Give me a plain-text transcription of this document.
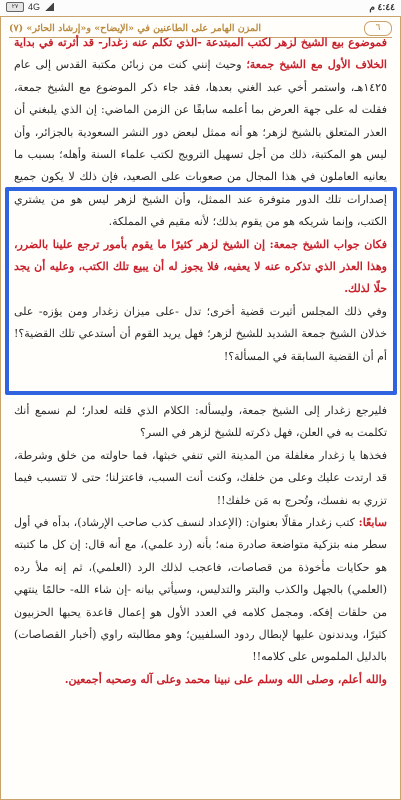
٢٧	4G	٤:٤٤ م
٦
المزن الهامر على الطاعنين في «الإيضاح» و«إرشاد الحائر» (٧)

فموضوع بيع الشيخ لزهر لكتب المبتدعة -الذي تكلم عنه زغدار- قد أثرته في بداية الخلاف الأول مع الشيخ جمعة؛ وحيث إنني كنت من زبائن مكتبة القدس إلى عام ١٤٢٥هـ، واستمر أخي عبد الغني بعدها، فقد جاء ذكر الموضوع مع الشيخ جمعة، فقلت له على جهة العرض بما أعلمه سابقًا عن الزمن الماضي: إن الذي يلبغني أن العذر المتعلق بالشيخ لزهر؛ هو أنه ممثل لبعض دور النشر السعودية بالجزائر، وأن ليس هو المكتبة، ذلك من أجل تسهيل الترويج لكتب علماء السنة وأهله؛ بسبب ما يعانيه العاملون في هذا المجال من صعوبات على الصعيد، فإن ذلك لا يكون جميع إصدارات تلك الدور متوفرة عند الممثل، وأن الشيخ لزهر ليس هو من يشتري الكتب، وإنما شريكه هو من يقوم بذلك؛ لأنه مقيم في المملكة.

فكان جواب الشيخ جمعة: إن الشيخ لزهر كثيرًا ما يقوم بأمور ترجع علينا بالضرر، وهذا العذر الذي تذكره عنه لا يعفيه، فلا يجوز له أن يبيع تلك الكتب، وعليه أن يجد حلًا لذلك.

وفي ذلك المجلس أثيرت قضية أخرى؛ تدل -على ميزان زغدار ومن يؤزه- على خذلان الشيخ جمعة الشديد للشيخ لزهر؛ فهل يريد القوم أن أستدعي تلك القضية؟! أم أن القضية السابقة في المسألة؟!

فليرجع زغدار إلى الشيخ جمعة، وليسأله: الكلام الذي قلته لعدار؛ لم نسمع أنك تكلمت به في العلن، فهل ذكرته للشيخ لزهر في السر؟

فخذها يا زغدار مغلفلة من المدينة التي تنفي خبثها، فما حاولته من خلق وشرطة، قد ارتدت عليك وعلى من خلفك، وكنت أنت السبب، فاعتزلنا؛ حتى لا تتسبب فيما تزري به نفسك، وتُحرج به مَن خلفك!!

سابعًا: كتب زغدار مقالًا بعنوان: (الإعداد لنسف كذب صاحب الإرشاد)، بدأه في أول سطر منه بتزكية متواضعة صادرة منه؛ بأنه (رد علمي)، مع أنه قال: إن كل ما كتبته هو حكايات مأخوذة من قصاصات، فاعجب لذلك الرد (العلمي)، ثم إنه ملأ رده (العلمي) بالجهل والكذب والبتر والتدليس، وسيأتي بيانه -إن شاء الله- حالمًا ينتهي من حلقات إفكه. ومجمل كلامه في العدد الأول هو إعمال قاعدة يحبها الحزبيون كثيرًا، ويدندنون عليها لإبطال ردود السلفيين؛ وهو مطالبته راوي (أخبار القصاصات) بالدليل الملموس على كلامه!!

والله أعلم، وصلى الله وسلم على نبينا محمد وعلى آله وصحبه أجمعين.
